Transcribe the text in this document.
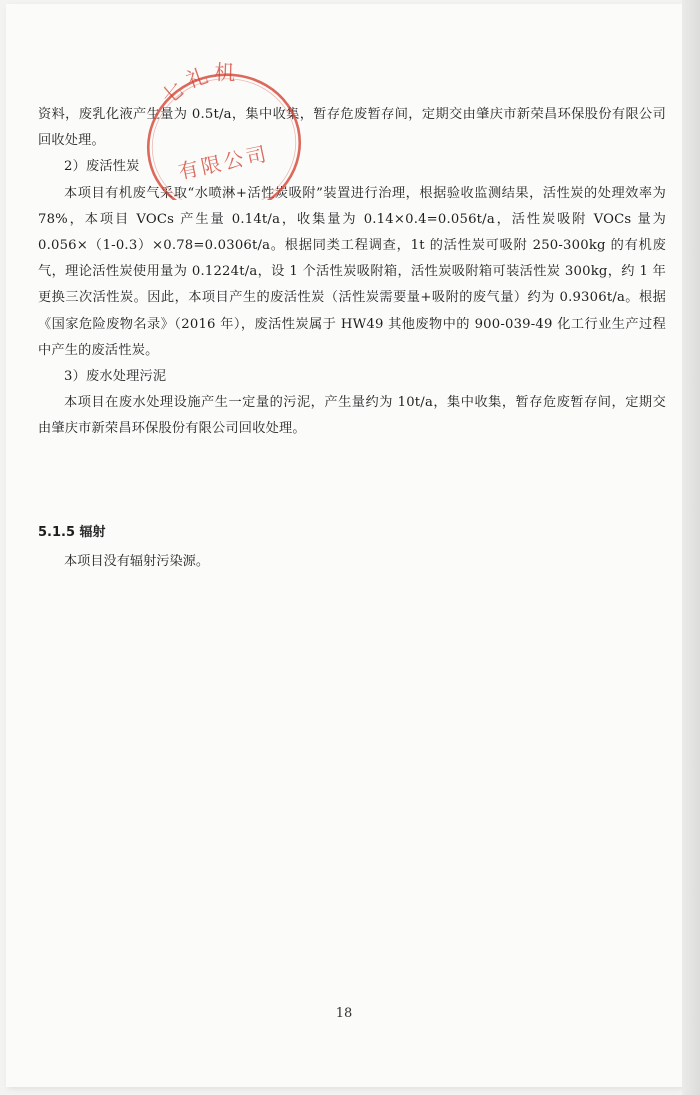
资料，废乳化液产生量为 0.5t/a，集中收集，暂存危废暂存间，定期交由肇庆市新荣昌环保股份有限公司回收处理。

2）废活性炭

本项目有机废气采取“水喷淋+活性炭吸附”装置进行治理，根据验收监测结果，活性炭的处理效率为 78%，本项目 VOCs 产生量 0.14t/a，收集量为 0.14×0.4=0.056t/a，活性炭吸附 VOCs 量为 0.056×（1-0.3）×0.78=0.0306t/a。根据同类工程调查，1t 的活性炭可吸附 250-300kg 的有机废气，理论活性炭使用量为 0.1224t/a，设 1 个活性炭吸附箱，活性炭吸附箱可装活性炭 300kg，约 1 年更换三次活性炭。因此，本项目产生的废活性炭（活性炭需要量+吸附的废气量）约为 0.9306t/a。根据《国家危险废物名录》（2016 年），废活性炭属于 HW49 其他废物中的 900-039-49 化工行业生产过程中产生的废活性炭。

3）废水处理污泥

本项目在废水处理设施产生一定量的污泥，产生量约为 10t/a，集中收集，暂存危废暂存间，定期交由肇庆市新荣昌环保股份有限公司回收处理。

5.1.5 辐射
本项目没有辐射污染源。
18
七礼机
有限公司
